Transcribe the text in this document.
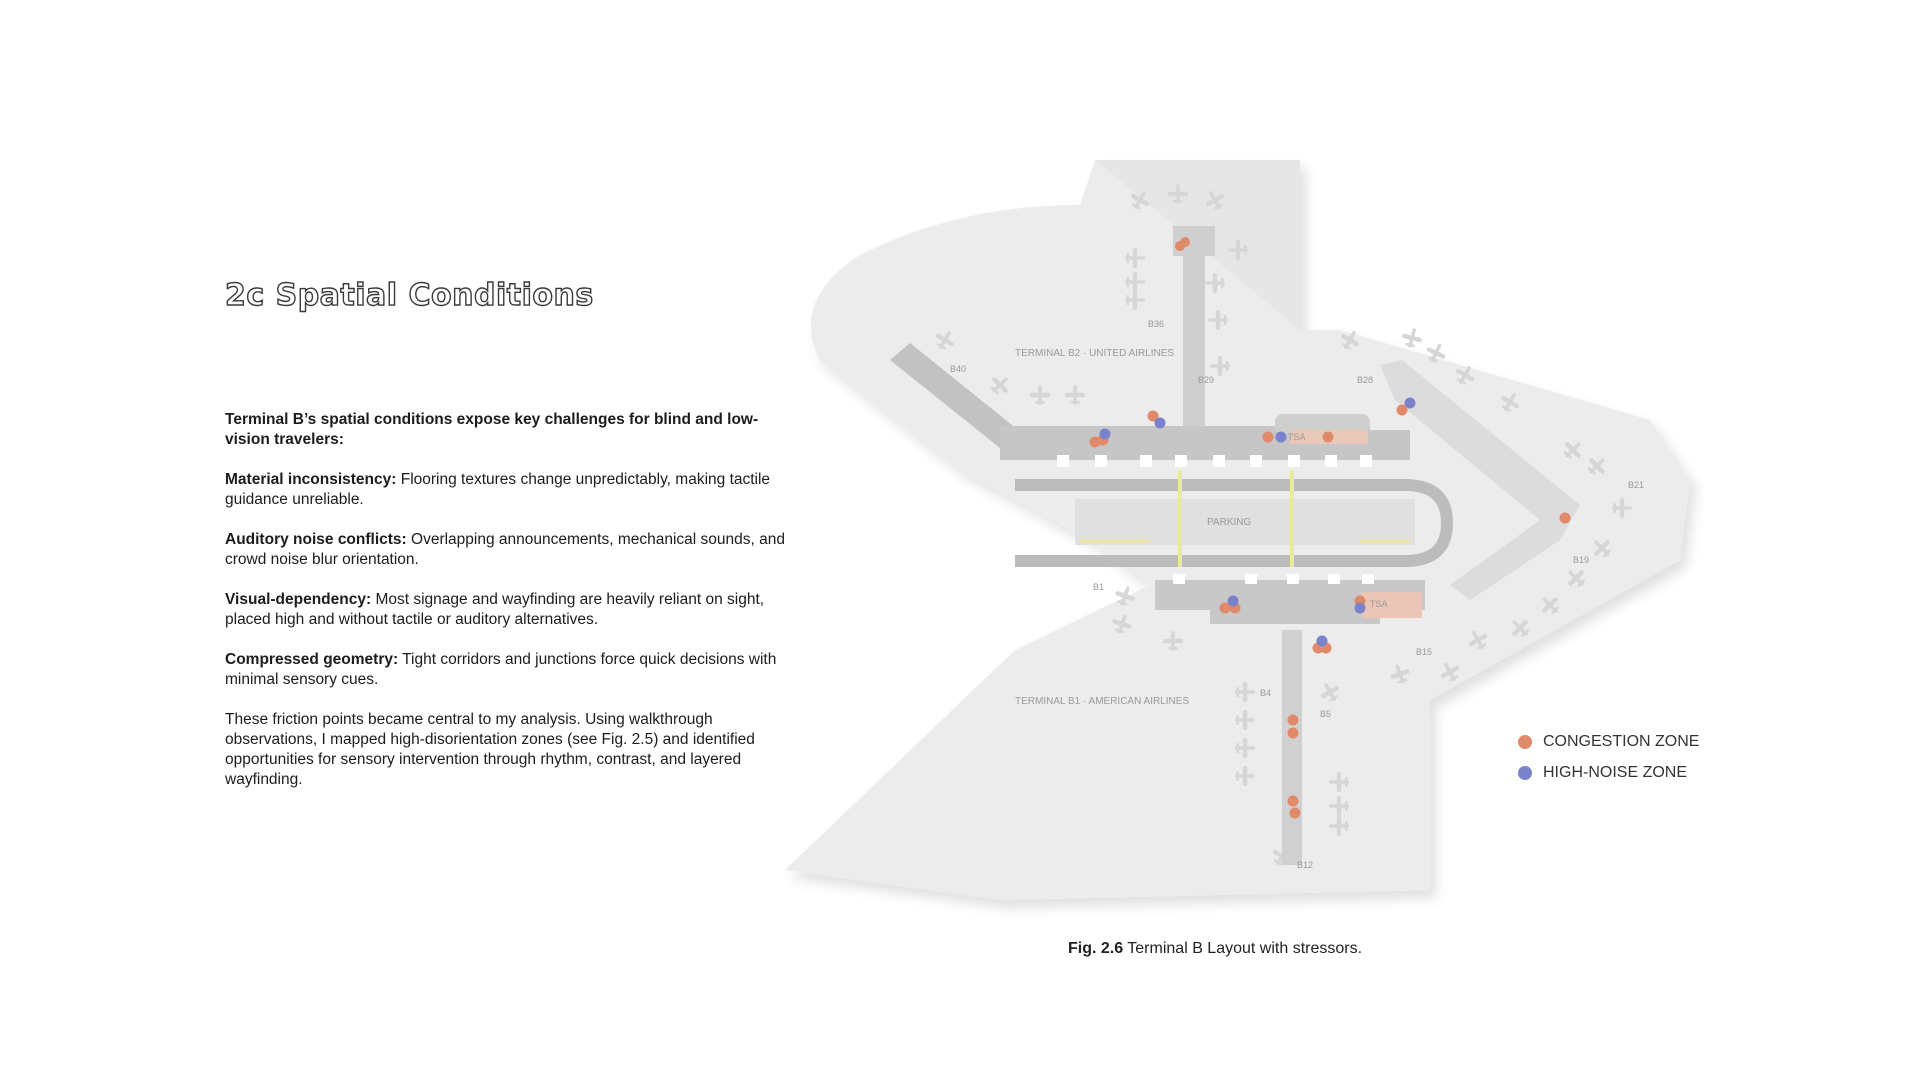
2c Spatial Conditions

Terminal B’s spatial conditions expose key challenges for blind and low-vision travelers:

Material inconsistency: Flooring textures change unpredictably, making tactile guidance unreliable.

Auditory noise conflicts: Overlapping announcements, mechanical sounds, and crowd noise blur orientation.

Visual-dependency: Most signage and wayfinding are heavily reliant on sight, placed high and without tactile or auditory alternatives.

Compressed geometry: Tight corridors and junctions force quick decisions with minimal sensory cues.

These friction points became central to my analysis. Using walkthrough observations, I mapped high-disorientation zones (see Fig. 2.5) and identified opportunities for sensory intervention through rhythm, contrast, and layered wayfinding.

TERMINAL B2 · UNITED AIRLINES
TERMINAL B1 · AMERICAN AIRLINES
PARKING
TSA
TSA
B40
B36
B29	B28
B21
B19
B15
B1
B4
B5
B12
CONGESTION ZONE
HIGH-NOISE ZONE
Fig. 2.6 Terminal B Layout with stressors.
